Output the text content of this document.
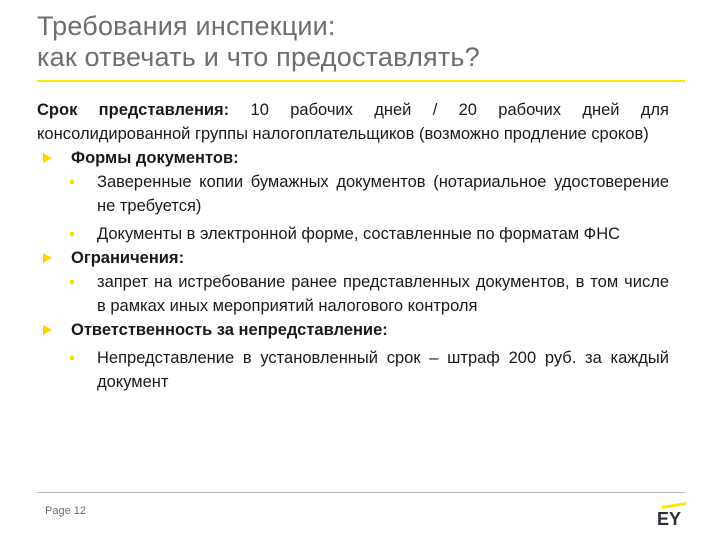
Требования инспекции:
как отвечать и что предоставлять?
Срок представления: 10 рабочих дней / 20 рабочих дней для консолидированной группы налогоплательщиков (возможно продление сроков)
Формы документов:
Заверенные копии бумажных документов (нотариальное удостоверение не требуется)
Документы в электронной форме, составленные по форматам ФНС
Ограничения:
запрет на истребование ранее представленных документов, в том числе в рамках иных мероприятий налогового контроля
Ответственность за непредставление:
Непредставление в установленный срок – штраф 200 руб. за каждый документ
Page 12	EY
